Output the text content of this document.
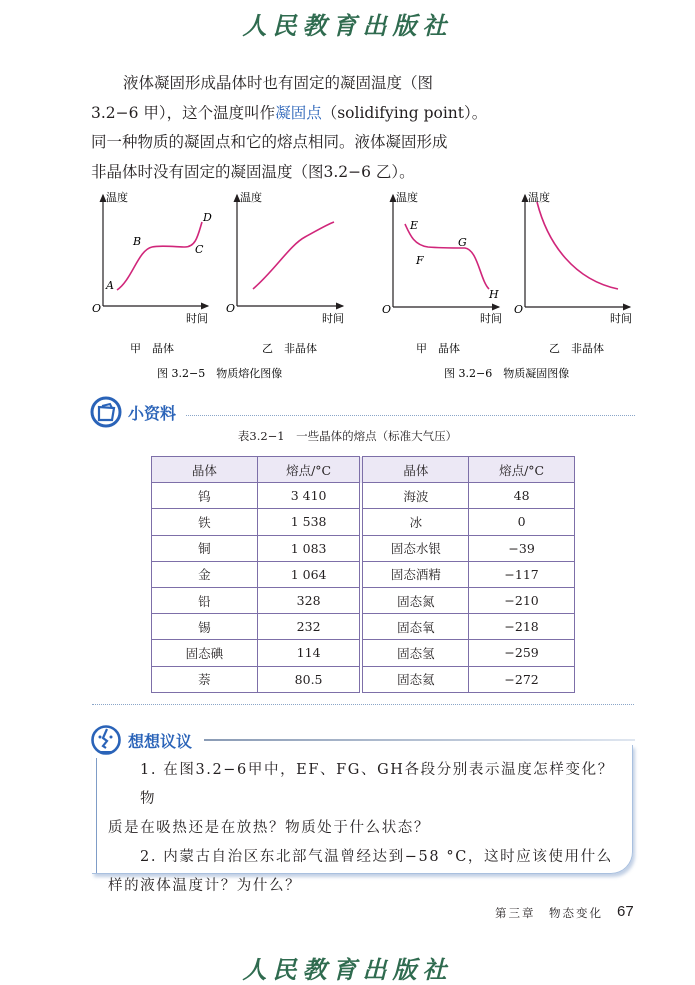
人民教育出版社

液体凝固形成晶体时也有固定的凝固温度（图

3.2−6 甲），这个温度叫作凝固点（solidifying point）。

同一种物质的凝固点和它的熔点相同。液体凝固形成

非晶体时没有固定的凝固温度（图3.2−6 乙）。

温度
时间
O
A
B
C
D
甲　晶体
温度
时间
O
乙　非晶体
图 3.2−5　物质熔化图像
温度
时间
O
E
F
G
H
甲　晶体
温度
时间
O
乙　非晶体
图 3.2−6　物质凝固图像
小资料
表3.2−1　一些晶体的熔点（标准大气压）
晶体	熔点/°C	晶体	熔点/°C
钨	3 410	海波	48
铁	1 538	冰	0
铜	1 083	固态水银	−39
金	1 064	固态酒精	−117
铅	328	固态氮	−210
锡	232	固态氧	−218
固态碘	114	固态氢	−259
萘	80.5	固态氦	−272
想想议议

1. 在图3.2−6甲中，EF、FG、GH各段分别表示温度怎样变化？物

质是在吸热还是在放热？物质处于什么状态？

2. 内蒙古自治区东北部气温曾经达到−58 °C，这时应该使用什么

样的液体温度计？为什么？

第三章　物态变化 67
人民教育出版社
